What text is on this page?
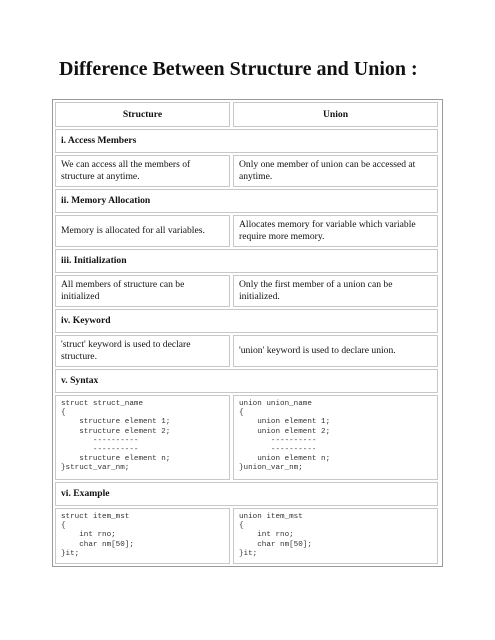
Difference Between Structure and Union :
Structure	Union
i. Access Members
We can access all the members of structure at anytime.
Only one member of union can be accessed at anytime.
ii. Memory Allocation
Memory is allocated for all variables.
Allocates memory for variable which variable require more memory.
iii. Initialization
All members of structure can be initialized
Only the first member of a union can be initialized.
iv. Keyword
'struct' keyword is used to declare structure.
'union' keyword is used to declare union.
v. Syntax
struct struct_name
{
structure element 1;
structure element 2;
----------
----------
structure element n;
}struct_var_nm;
union union_name
{
union element 1;
union element 2;
----------
----------
union element n;
}union_var_nm;
vi. Example
struct item_mst
{
int rno;
char nm[50];
}it;
union item_mst
{
int rno;
char nm[50];
}it;
